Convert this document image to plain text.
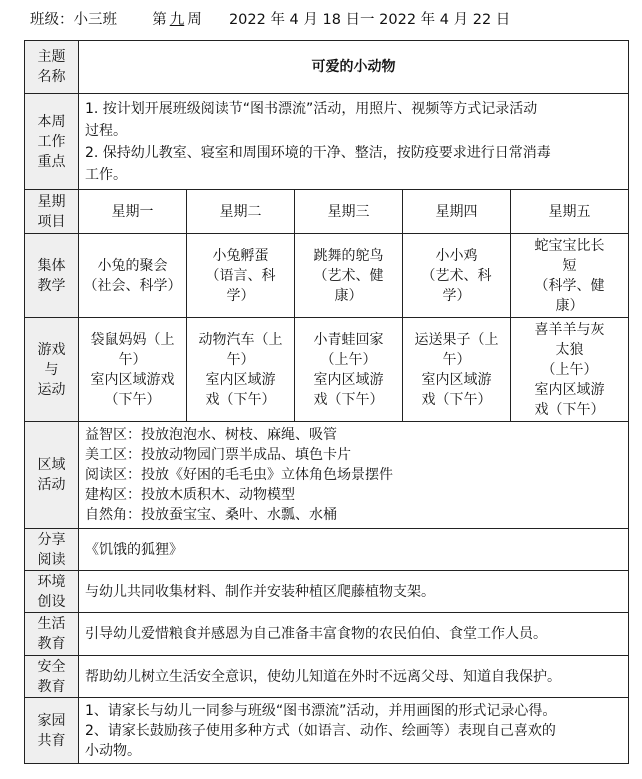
班级：小三班 第 九 周 2022 年 4 月 18 日一 2022 年 4 月 22 日
主题
名称	可爱的小动物				

本周
工作
重点	1. 按计划开展班级阅读节“图书漂流”活动，用照片、视频等方式记录活动
过程。
2. 保持幼儿教室、寝室和周围环境的干净、整洁，按防疫要求进行日常消毒
工作。				

星期
项目	星期一	星期二	星期三	星期四	星期五

集体
教学	小兔的聚会
（社会、科学）	小兔孵蛋
（语言、科
学）	跳舞的鸵鸟
（艺术、健
康）	小小鸡
（艺术、科
学）	蛇宝宝比长
短
（科学、健
康）

游戏
与
运动	袋鼠妈妈（上
午）
室内区域游戏
（下午）	动物汽车（上
午）
室内区域游
戏（下午）	小青蛙回家
（上午）
室内区域游
戏（下午）	运送果子（上
午）
室内区域游
戏（下午）	喜羊羊与灰
太狼
（上午）
室内区域游
戏（下午）

区域
活动	益智区：投放泡泡水、树枝、麻绳、吸管
美工区：投放动物园门票半成品、填色卡片
阅读区：投放《好困的毛毛虫》立体角色场景摆件
建构区：投放木质积木、动物模型
自然角：投放蚕宝宝、桑叶、水瓢、水桶				

分享
阅读	《饥饿的狐狸》				

环境
创设	与幼儿共同收集材料、制作并安装种植区爬藤植物支架。				

生活
教育	引导幼儿爱惜粮食并感恩为自己准备丰富食物的农民伯伯、食堂工作人员。				

安全
教育	帮助幼儿树立生活安全意识，使幼儿知道在外时不远离父母、知道自我保护。				

家园
共育	1、请家长与幼儿一同参与班级“图书漂流”活动，并用画图的形式记录心得。
2、请家长鼓励孩子使用多种方式（如语言、动作、绘画等）表现自己喜欢的
小动物。				
